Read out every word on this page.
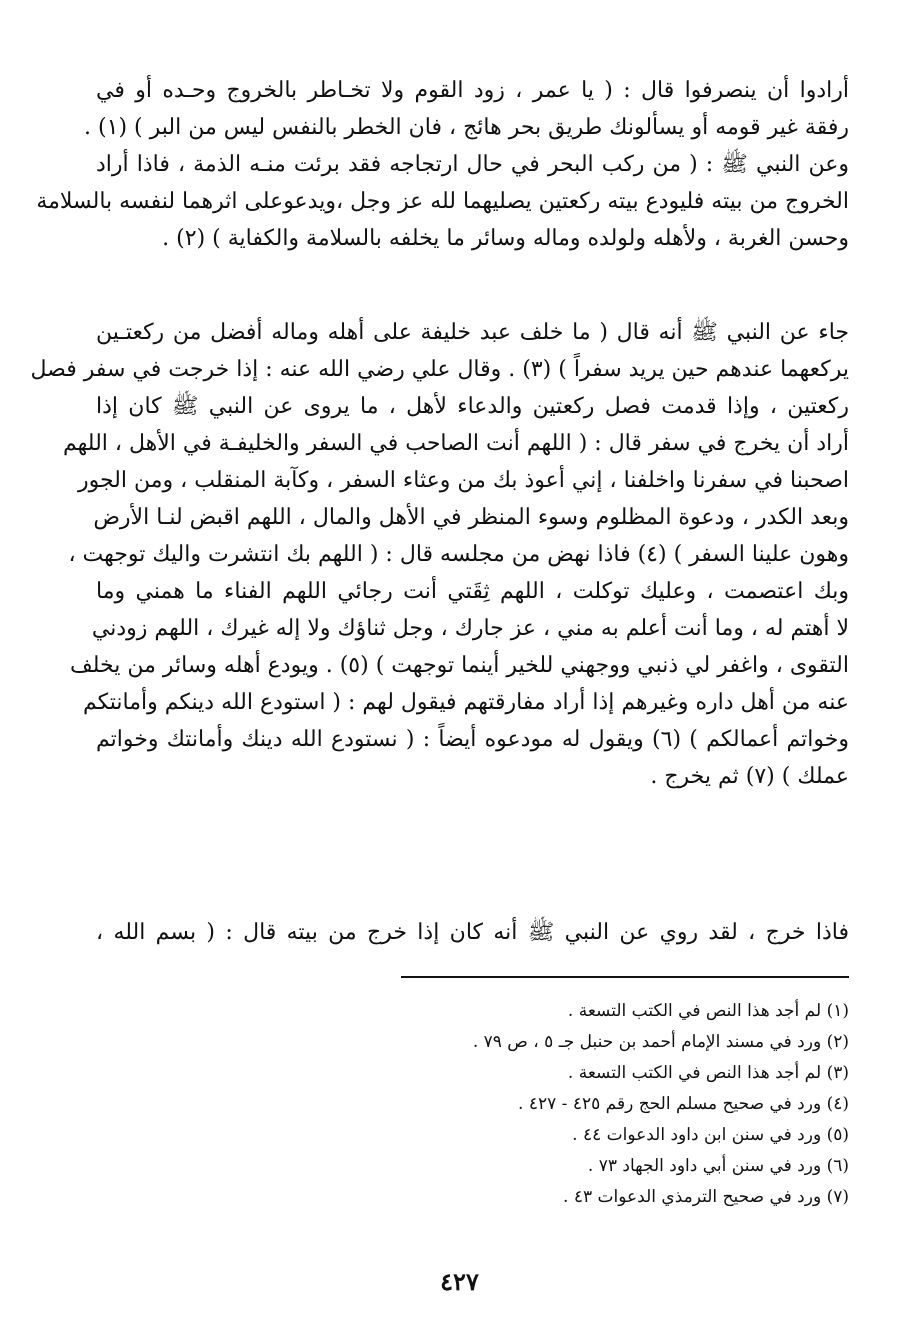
أرادوا أن ينصرفوا قال : ( يا عمر ، زود القوم ولا تخـاطر بالخروج وحـده أو في
رفقة غير قومه أو يسألونك طريق بحر هائج ، فان الخطر بالنفس ليس من البر ) (١) .
وعن النبي ﷺ : ( من ركب البحر في حال ارتجاجه فقد برئت منـه الذمة ، فاذا أراد
الخروج من بيته فليودع بيته ركعتين يصليهما لله عز وجل ،ويدعوعلى اثرهما لنفسه بالسلامة
وحسن الغربة ، ولأهله ولولده وماله وسائر ما يخلفه بالسلامة والكفاية ) (٢) .
جاء عن النبي ﷺ أنه قال ( ما خلف عبد خليفة على أهله وماله أفضل من ركعتـين
يركعهما عندهم حين يريد سفراً ) (٣) . وقال علي رضي الله عنه : إذا خرجت في سفر فصل
ركعتين ، وإذا قدمت فصل ركعتين والدعاء لأهل ، ما يروى عن النبي ﷺ كان إذا
أراد أن يخرج في سفر قال : ( اللهم أنت الصاحب في السفر والخليفـة في الأهل ، اللهم
اصحبنا في سفرنا واخلفنا ، إني أعوذ بك من وعثاء السفر ، وكآبة المنقلب ، ومن الجور
وبعد الكدر ، ودعوة المظلوم وسوء المنظر في الأهل والمال ، اللهم اقبض لنـا الأرض
وهون علينا السفر ) (٤) فاذا نهض من مجلسه قال : ( اللهم بك انتشرت واليك توجهت ،
وبك اعتصمت ، وعليك توكلت ، اللهم ثِقَتي أنت رجائي اللهم الفناء ما همني وما
لا أهتم له ، وما أنت أعلم به مني ، عز جارك ، وجل ثناؤك ولا إله غيرك ، اللهم زودني
التقوى ، واغفر لي ذنبي ووجهني للخير أينما توجهت ) (٥) . ويودع أهله وسائر من يخلف
عنه من أهل داره وغيرهم إذا أراد مفارقتهم فيقول لهم : ( استودع الله دينكم وأمانتكم
وخواتم أعمالكم ) (٦) ويقول له مودعوه أيضاً : ( نستودع الله دينك وأمانتك وخواتم
عملك ) (٧) ثم يخرج .
فاذا خرج ، لقد روي عن النبي ﷺ أنه كان إذا خرج من بيته قال : ( بسم الله ،
(١) لم أجد هذا النص في الكتب التسعة .
(٢) ورد في مسند الإمام أحمد بن حنبل جـ ٥ ، ص ٧٩ .
(٣) لم أجد هذا النص في الكتب التسعة .
(٤) ورد في صحيح مسلم الحج رقم ٤٢٥ - ٤٢٧ .
(٥) ورد في سنن ابن داود الدعوات ٤٤ .
(٦) ورد في سنن أبي داود الجهاد ٧٣ .
(٧) ورد في صحيح الترمذي الدعوات ٤٣ .
٤٢٧
